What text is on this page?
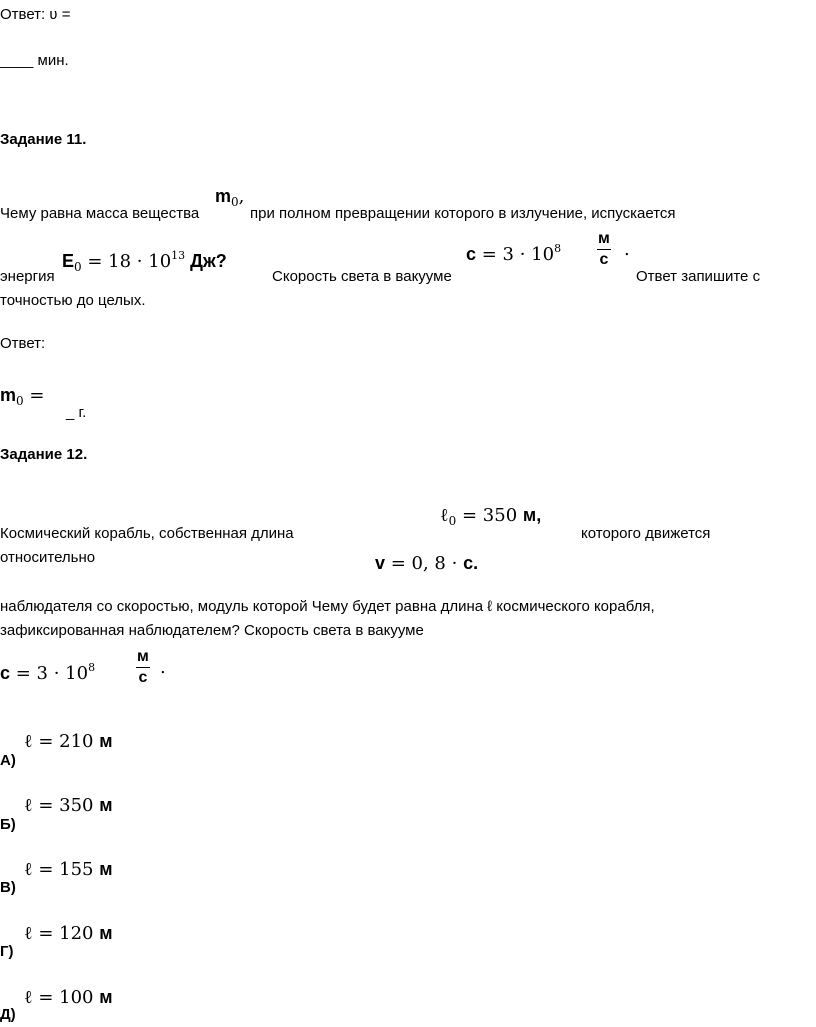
Ответ: ʋ =
____ мин.
Задание 11.
Чему равна масса вещества
$m_0$,
при полном превращении которого в излучение, испускается
энергия
$E_0 = 18 \cdot 10^{13}$ Дж?
Скорость света в вакууме
$c = 3 \cdot 10^8$
м
с .
Ответ запишите с
точностью до целых.
Ответ:
$m_0$ =
_ г.
Задание 12.
Космический корабль, собственная длина
ℓ$_0$ = 350 м,
которого движется
относительно	v = 0, 8 · c.
наблюдателя со скоростью, модуль которой Чему будет равна длина ℓ космического корабля,
зафиксированная наблюдателем? Скорость света в вакууме
$c = 3 \cdot 10^8$
м
с .
ℓ = 210 м
А)
ℓ = 350 м
Б)
ℓ = 155 м
В)
ℓ = 120 м
Г)
ℓ = 100 м
Д)
